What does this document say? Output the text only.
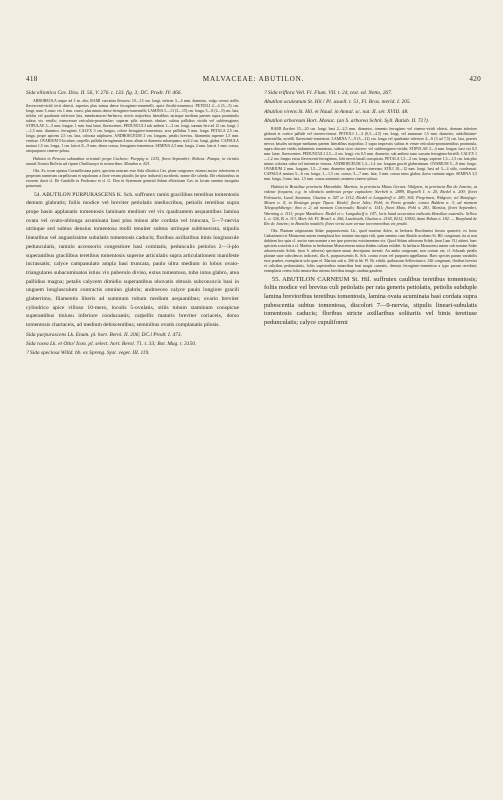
418	MALVACEAE: ABUTILON.	420

Sida elliottica Cav. Diss. II. 56, V. 276. t. 133. fig. 3; DC. Prodr. IV. 466.

ARBOREOLA usque ad 3 m. alta; RAMI curvatim flexuoso 10—15 cm. longi, inferne 3—4 mm. diametro, vulgo cernui stellis flavescenti-viridi tecti obtecti, superius plus minus dense ferrugineo-tomentelli, apice flexibi-tomentosi. PETIOLI 2—4 (3—5) cm. longi, nunc 3, nunc vix 1 mm. crassi, plus minus dense ferrugineo-tomentelli; LAMINA 5—13 (3—15) cm. longa, 5—8 (2—9) cm. lata, triloba vel quadrante inferiore lata, membranaceo-herbacea, nervis majoribus lateralibus utrinque medium partem supra prominulis subtus vix vetulis; transversae reticulato-prominulae; superne pilis minimis obsitae, subtus pallidius viridis vel subferruginea; STIPULAE 3—5 mm. longae, 1 mm. basi latae, flavescentes. PEDUNCULI sub anthesi 1—2 cm. longi, sursum fere ad 12 cm. longi, 1—1,5 mm. diametro, ferruginei. CALYX 3 cm. longus, colore ferrugineo-tomentoso; arca pallidius 5 mm. longa. PETALA 2,5 cm. longa, prope apicem 2,5 cm. lata, colorata sulphurea. ANDROECEUM 2 cm. longum, petalis brevius, filamentis superne 1,5 mm. vestitae. OVARIUM 5-loculare, carpellis pallidis ferrugineum 4 mm. altum et diametro subaequans; styli 2 cm. longi, glabri. CAPSULA matura 1,5 cm. longa, 1 cm. lata et 8—9 mm. dense crassa, ferrugineo-tomentosa. SEMINA 2,5 mm. longa, 2 mm. lata et 1 mm. crassa, atropurpurea cinereo-pilosa.

Habitat in Peruvia subandina orientali prope Cuchero: Poeppig n. 1235, floret Septembri; Bolivia: Pampa; in viciniis mundi Sorata Bolivia ad ripam Challuanyu in nemoribus: Mandon n. 821.

Obs. Ex icone optima Cavanillesiana patet, speciem nostram esse Sida elliottica Cav. plane congruere; etiamsi auctor inferiorem ei perperam numerum carpellorum et sepalorum a flore verum pluralis (in ipse indicavit) ascriberit, nonne ille scheda. Ille relationibus in errorem duxit cl. De Candolle in Prodromo et cl. G. Don in Systemate generali Sidam elliotticam Cav. in locum omnino incognita posuerunt.

54. ABUTILON PURPURASCENS K. Sch. suffrutex ramis gracilibus teretibus tomentosis demum glabratis; foliis modice vel breviter petiolatis mediocribus, petiolis teretibus supra prope basin applanatis tomentosis laminam medium vel vix quadrantem aequantibus lamina ovata vel ovato-oblonga acuminata basi plus minus alte cordata vel truncata, 5—7-nervia utrinque sed subtus densius tomentosa molli tenuiter subtus utrinque subbiserrata, stipulis linearibus vel angustissime subulatis tomentosis caducis; floribus axillaribus binis longiuscule pedunculatis, ramulo accessorio congestiore basi comitatis, pedunculis petiolos 2—3-plo superantibus gracilibus teretibus tomentosis superne articulatis supra articulationem manifeste incrassatis; calyce campanulato ampla basi truncata, paulo ultra medium in lobos ovato-triangulares subacuminatos istius vix puberulo diviso, extus tomentoso, tubo intus glabro, area pallidius magna; petalis calycem dimidio superantibus obovatis obtusis subconcavis basi in unguem longiusculum contractis omnino glabris; androeceo calyce paulo longiore gracili glaberrimo, filamentis liberis ad summum tubum medium aequantibus; ovario breviter cylindrico apice villoso 10-mero, loculis 5-ovulatis, stilis tubum staminum conspicue superantibus tiniusu inferiore conducantis; carpellis maturis breviter coriaceis, dorso tomentosis chartaceis, ad medium dehiscentibus; seminibus ovatis complanatis pilosis.

Sida purpurascens Lk. Enum. pl. hort. Berol. II. 206; DC.l Prodr. I. 473.

Sida rosea Lk. et Otto! Icon. pl. select. hort. Berol. 71. t. 33; Bot. Mag. t. 3150.

? Sida speciosa Willd. hb. ex Spreng. Syst. veget. III. 119.

? Sida triflora Vell. Fl. Flum. VII. t. 24, text. ed. Netto, 267.

Abutilon aculeatum St. Hil.! Pl. usuell. t. 51, Fl. Bras. merid. I. 205.

Abutilon virens St. Hil. et Naud. in Annal. sc. nat. II. sér. XVIII. 48.

Abutilon arboreum Hort. Monac. (an S. arborea Schrk. Syll. Ratisb. II. 72?).

RAMI floriferi 15—20 cm. longi, basi 2—2,5 mm. diametro, tomento ferrugineo vel cinereo-viridi obtecti, demum inferiore glabrati et cortice pallide vel cinereo-rimosi. PETIOLI 1—3 (0,5—4,5) cm. longi, vel summum 1,5 mm. diametro, subtillissime-tomentellis, novelli flavescenti-tomentosi; LAMINA 7—9 (3—12) cm. longa vel quadrante inferiore 4—6 (3 ad 7,5) cm. lata, praeter nervos basales utrinque medianm partem lateralibus majoribus 3 supra impressis subtus et venae reticulato-prominentibus prominula, supra obscure viridis indumento tomentoso, subtus sicco cinereo- vel subferrugineo-viridis; STIPULAE 3—4 mm. longae, basi vix 0,5 mm. latae, flavescentes. PEDUNCULI 2,5—4 cm. longi, vix 0,5 mm. diametro, sub anthesi nunc sursum ferrugineo-hirtelli. CALYX 1—1,2 cm. longus extus flavescenti-ferrugineus, lobi nervis basali conspicuis. PETALA 1,5—2 cm. longa, superne 1,3—1,5 cm. lata plus minus colorata rubra vel intermixe venosa. ANDROECEUM 1,3—1,4 cm. longum gracili glaberrimum. OVARIUM 5—8 mm. longo. OVARIUM 2 mm. longum, 1,5—2 mm. diametro apice lanato-cinereum; STILI 10—12 mm. longi, basi ad 3—4 stilo, condensati. CAPSULA matura 5—6 cm. longa, 1—1,5 cm. crasso, 5—7 mm. lata; 3 mm. crassa intus glabra, dorso carinata nigra. SEMINA 3,5 mm. longa, 3 mm. lata, 1,5 mm. crassa autumnis castanea cinereo-pilosa.

Habitat in Brasiliae provincia Maranhão: Martius; in provincia Minas Geraes: Widgren; in provincia Rio de Janeiro, ut videtur frequens, e.g. in silvaticis umbrosis prope capitalem: Sterbeli n. 2889, Regnelli I. n. 20, Riedel n. 200; floret Februario, Lund, Staunton, Glaziou n. 547 et 1312, Riedel et Langsdorff n. 289, 304, Pregrimen, Widgren; vel Botofogo: Mosen n. 4; in Restinga prope Tijuca: Riedel, floret Julio; Pohl; in Pavia grande: comes Baldem n. 3; ad montem Telegraphiberge; ibra n. 2; ad montem Corcovado; Riedel n. 1141; floret Maio, Pohl n. 281, Martius, floret Septembri, Warming n. 1111; prope Mandioca: Riedel et e. Langsdorff n. 147; locis haud accuratius indicatis Brasiliae australis: Sellow L. n. 326, B. n. 113, Mart. hb. Fl. Brasil. n. 266, Luschnath, Glaziou n. 2165, 8212, 10002, dumi Rohan n. 182. — Bonpland de Rio de Janeiro; in Brasilia notabili; floret verisi cum vernae incrementibus vix prodit.

Obs. Plantam originariam Sidae purpurascentis Lk., quod maxime doleo, in herbario Berolinensi frustra quaesivi; ex horto Catharinensi et Monacensi autem exemplaria hoc nomine inscripta vidi, quae omnino cum Abutilo aculeato St. Hil. congruunt, ita ut non dubitem hoc quin cl. auctor eam nomine a me ipse praeviso existimentem vix. Quod Sidam arboream Schrk. (non Lam. II.) attinet, haec speciem a notitiis a cl. Martius in herbarium Monacensem missa ibidem cultam exhibet. In herbario Monacensi autem sub nomine Sidae arborescentis Schrk. (non S. arborea) specimen unum descriptum invenit. An ambo congruunt, non certum est; cl. Schrank petalis plantae suae ochroleucis indicavit, illa A. purpurascentis K. Sch. contra rosea vel purpurea appellantur. Haec species parum variabilis esse praebet, exemplaria sola quae el. Martius sub n. 266 in hb. Fl. Br. edidit, quibuscum Sellowiana n. 326 congruunt, floribus brevius et calicibus pedunculatis, foliis superioribus minoribus basi magis cuneatis, densius ferrugineo-tomentosa a typo parum recedunt; exemplaria cetera folia tenuioribus nitenss brevibus imagis caudata gaudent.

55. ABUTILON CARNEUM St. Hil. suffrutex caulibus teretibus tomentosis; foliis modice vel brevius culi petiolatis per rata generis petiolatis, petiolis subduple lamina brevioribus teretibus tomentosis, lamina ovata acuminata basi cordata supra pubescentia subtus tomentosa, discolori 7—9-nervia, stipulis lineari-subulatis tomentosis caducis; floribus stricte axillaribus solitariis vel binis teretiuse pedunculatis; calyce cupuliformi
